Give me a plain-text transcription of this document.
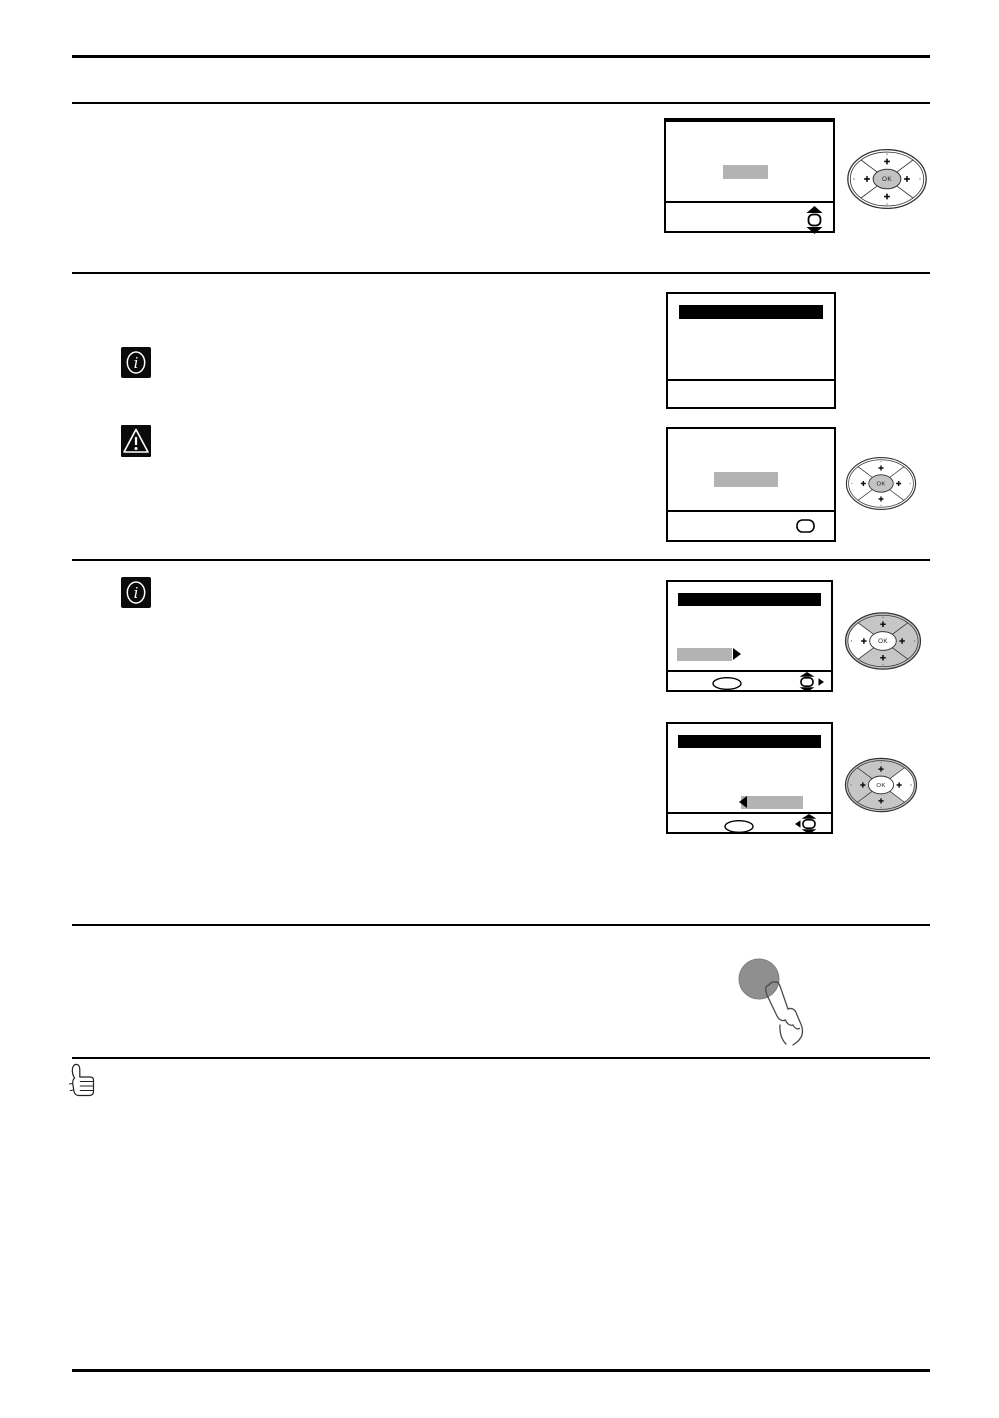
OK
i
OK
i
OK
OK
